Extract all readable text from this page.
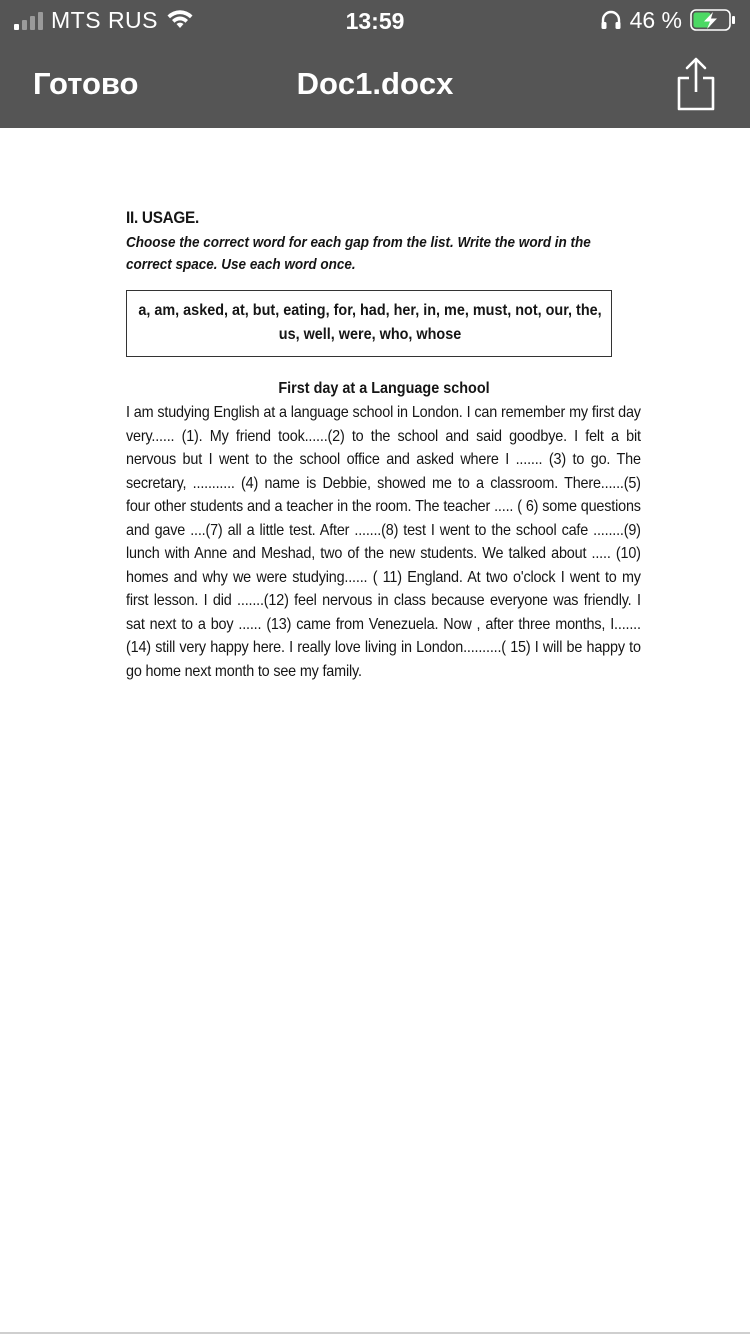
MTS RUS	13:59	46 %
Готово	Doc1.docx
II. USAGE.
Choose the correct word for each gap from the list. Write the word in the correct space. Use each word once.
a, am, asked, at, but, eating, for, had, her, in, me, must, not, our, the, us, well, were, who, whose
First day at a Language school
I am studying English at a language school in London. I can remember my first day very...... (1). My friend took......(2) to the school and said goodbye. I felt a bit nervous but I went to the school office and asked where I ....... (3) to go. The secretary, ........... (4) name is Debbie, showed me to a classroom. There......(5) four other students and a teacher in the room. The teacher ..... ( 6) some questions and gave ....(7) all a little test. After .......(8) test I went to the school cafe ........(9) lunch with Anne and Meshad, two of the new students. We talked about ..... (10) homes and why we were studying...... ( 11) England. At two o'clock I went to my first lesson. I did .......(12) feel nervous in class because everyone was friendly. I sat next to a boy ...... (13) came from Venezuela. Now , after three months, I.......(14) still very happy here. I really love living in London..........( 15) I will be happy to go home next month to see my family.
